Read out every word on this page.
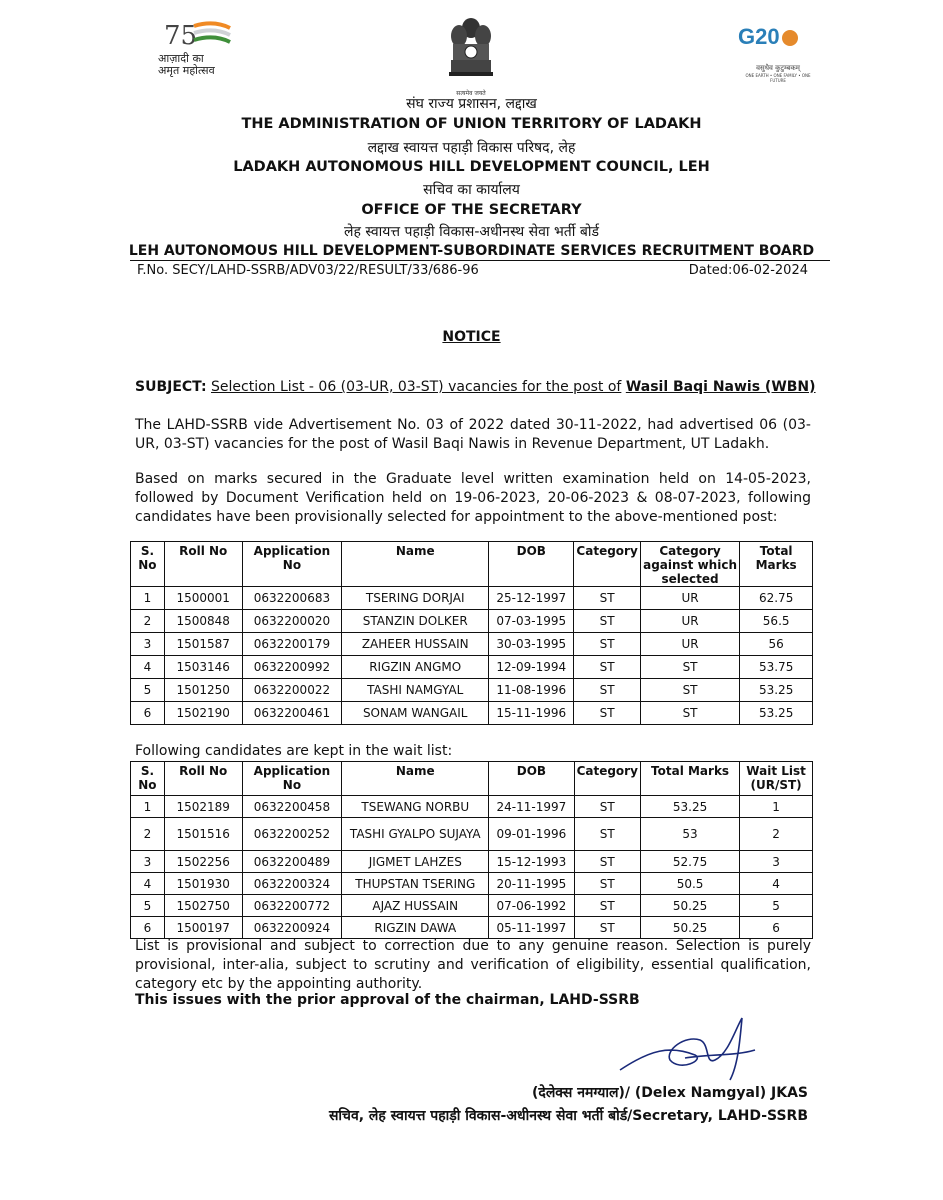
75
आज़ादी का
अमृत महोत्सव
सत्यमेव जयते
G20
वसुधैव कुटुम्बकम्
ONE EARTH • ONE FAMILY • ONE FUTURE
संघ राज्य प्रशासन, लद्दाख
THE ADMINISTRATION OF UNION TERRITORY OF LADAKH
लद्दाख स्वायत्त पहाड़ी विकास परिषद, लेह
LADAKH AUTONOMOUS HILL DEVELOPMENT COUNCIL, LEH
सचिव का कार्यालय
OFFICE OF THE SECRETARY
लेह स्वायत्त पहाड़ी विकास-अधीनस्थ सेवा भर्ती बोर्ड
LEH AUTONOMOUS HILL DEVELOPMENT-SUBORDINATE SERVICES RECRUITMENT BOARD
F.No. SECY/LAHD-SSRB/ADV03/22/RESULT/33/686-96	Dated:06-02-2024
NOTICE
SUBJECT: Selection List - 06 (03-UR, 03-ST) vacancies for the post of Wasil Baqi Nawis (WBN)
The LAHD-SSRB vide Advertisement No. 03 of 2022 dated 30-11-2022, had advertised 06 (03-UR, 03-ST) vacancies for the post of Wasil Baqi Nawis in Revenue Department, UT Ladakh.
Based on marks secured in the Graduate level written examination held on 14-05-2023, followed by Document Verification held on 19-06-2023, 20-06-2023 & 08-07-2023, following candidates have been provisionally selected for appointment to the above-mentioned post:
S. No	Roll No	Application No	Name	DOB	Category	Category against which selected	Total Marks
1	1500001	0632200683	TSERING DORJAI	25-12-1997	ST	UR	62.75
2	1500848	0632200020	STANZIN DOLKER	07-03-1995	ST	UR	56.5
3	1501587	0632200179	ZAHEER HUSSAIN	30-03-1995	ST	UR	56
4	1503146	0632200992	RIGZIN ANGMO	12-09-1994	ST	ST	53.75
5	1501250	0632200022	TASHI NAMGYAL	11-08-1996	ST	ST	53.25
6	1502190	0632200461	SONAM WANGAIL	15-11-1996	ST	ST	53.25
Following candidates are kept in the wait list:
S. No	Roll No	Application No	Name	DOB	Category	Total Marks	Wait List (UR/ST)
1	1502189	0632200458	TSEWANG NORBU	24-11-1997	ST	53.25	1
2	1501516	0632200252	TASHI GYALPO SUJAYA	09-01-1996	ST	53	2
3	1502256	0632200489	JIGMET LAHZES	15-12-1993	ST	52.75	3
4	1501930	0632200324	THUPSTAN TSERING	20-11-1995	ST	50.5	4
5	1502750	0632200772	AJAZ HUSSAIN	07-06-1992	ST	50.25	5
6	1500197	0632200924	RIGZIN DAWA	05-11-1997	ST	50.25	6
List is provisional and subject to correction due to any genuine reason. Selection is purely provisional, inter-alia, subject to scrutiny and verification of eligibility, essential qualification, category etc by the appointing authority.
This issues with the prior approval of the chairman, LAHD-SSRB
(देलेक्स नमग्याल)/ (Delex Namgyal) JKAS
सचिव, लेह स्वायत्त पहाड़ी विकास-अधीनस्थ सेवा भर्ती बोर्ड/Secretary, LAHD-SSRB
